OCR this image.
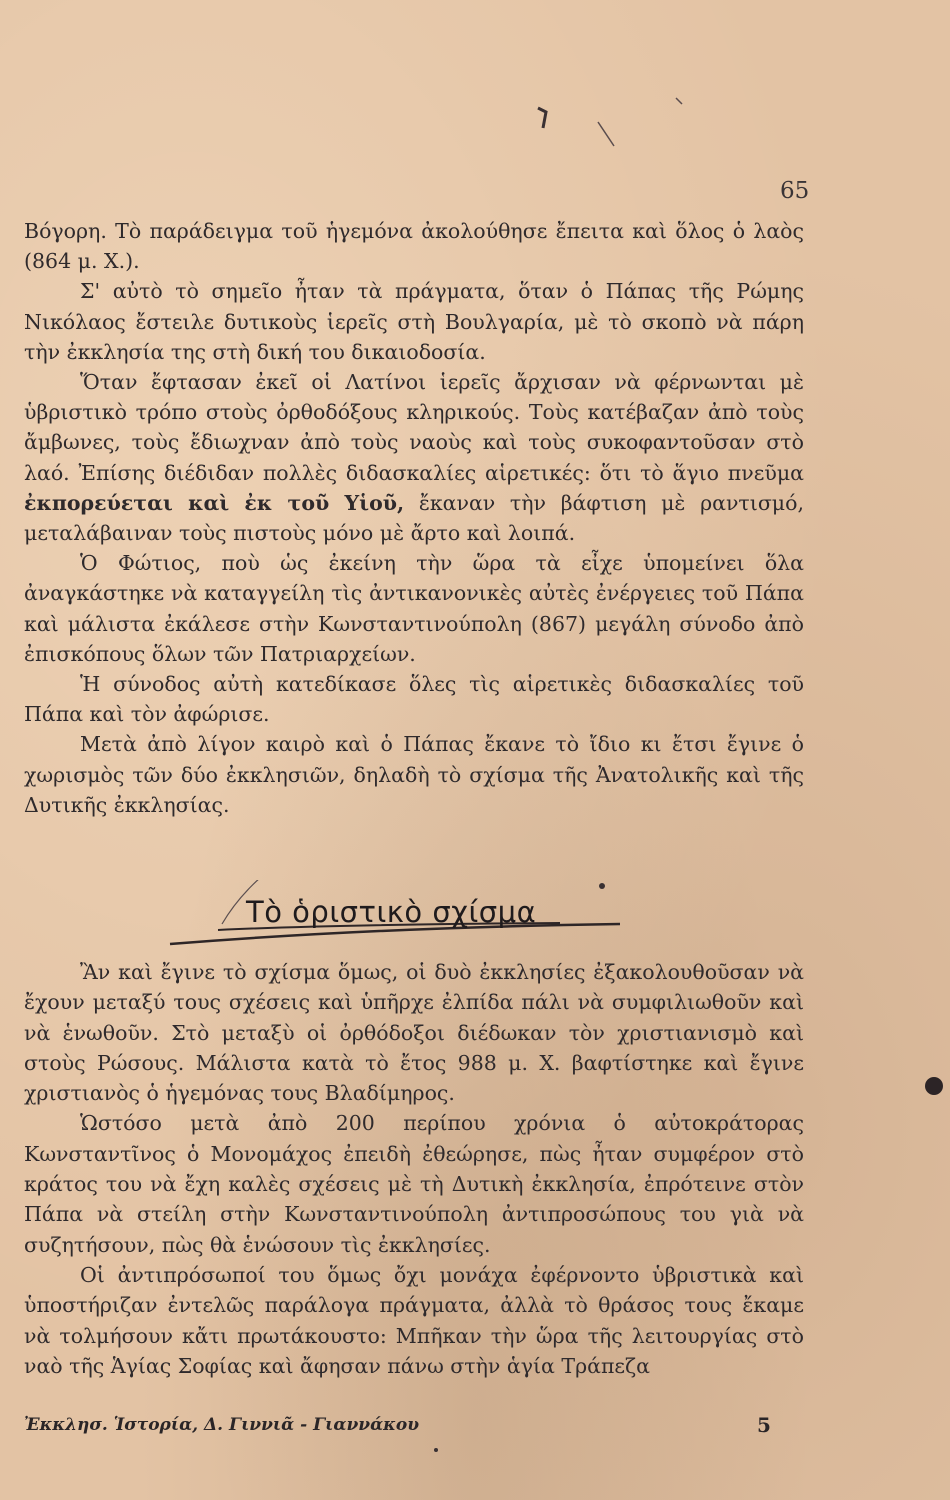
65

Βόγορη. Τὸ παράδειγμα τοῦ ἡγεμόνα ἀκολούθησε ἔπειτα καὶ ὅλος ὁ λαὸς (864 μ. Χ.).

Σ' αὐτὸ τὸ σημεῖο ἦταν τὰ πράγματα, ὅταν ὁ Πάπας τῆς Ρώμης Νικόλαος ἔστειλε δυτικοὺς ἱερεῖς στὴ Βουλγαρία, μὲ τὸ σκοπὸ νὰ πάρη τὴν ἐκκλησία της στὴ δική του δικαιοδοσία.

Ὅταν ἔφτασαν ἐκεῖ οἱ Λατίνοι ἱερεῖς ἄρχισαν νὰ φέρνωνται μὲ ὑβριστικὸ τρόπο στοὺς ὀρθοδόξους κληρικούς. Τοὺς κατέβαζαν ἀπὸ τοὺς ἄμβωνες, τοὺς ἔδιωχναν ἀπὸ τοὺς ναοὺς καὶ τοὺς συκοφαντοῦσαν στὸ λαό. Ἐπίσης διέδιδαν πολλὲς διδασκαλίες αἱρετικές: ὅτι τὸ ἅγιο πνεῦμα ἐκπορεύεται καὶ ἐκ τοῦ Υἱοῦ, ἔκαναν τὴν βάφτιση μὲ ραντισμό, μεταλάβαιναν τοὺς πιστοὺς μόνο μὲ ἄρτο καὶ λοιπά.

Ὁ Φώτιος, ποὺ ὡς ἐκείνη τὴν ὥρα τὰ εἶχε ὑπομείνει ὅλα ἀναγκάστηκε νὰ καταγγείλη τὶς ἀντικανονικὲς αὐτὲς ἐνέργειες τοῦ Πάπα καὶ μάλιστα ἐκάλεσε στὴν Κωνσταντινούπολη (867) μεγάλη σύνοδο ἀπὸ ἐπισκόπους ὅλων τῶν Πατριαρχείων.

Ἡ σύνοδος αὐτὴ κατεδίκασε ὅλες τὶς αἱρετικὲς διδασκαλίες τοῦ Πάπα καὶ τὸν ἀφώρισε.

Μετὰ ἀπὸ λίγον καιρὸ καὶ ὁ Πάπας ἔκανε τὸ ἴδιο κι ἔτσι ἔγινε ὁ χωρισμὸς τῶν δύο ἐκκλησιῶν, δηλαδὴ τὸ σχίσμα τῆς Ἀνατολικῆς καὶ τῆς Δυτικῆς ἐκκλησίας.

Τὸ ὁριστικὸ σχίσμα

Ἂν καὶ ἔγινε τὸ σχίσμα ὅμως, οἱ δυὸ ἐκκλησίες ἐξακολουθοῦσαν νὰ ἔχουν μεταξύ τους σχέσεις καὶ ὑπῆρχε ἐλπίδα πάλι νὰ συμφιλιωθοῦν καὶ νὰ ἑνωθοῦν. Στὸ μεταξὺ οἱ ὀρθόδοξοι διέδωκαν τὸν χριστιανισμὸ καὶ στοὺς Ρώσους. Μάλιστα κατὰ τὸ ἔτος 988 μ. Χ. βαφτίστηκε καὶ ἔγινε χριστιανὸς ὁ ἡγεμόνας τους Βλαδίμηρος.

Ὡστόσο μετὰ ἀπὸ 200 περίπου χρόνια ὁ αὐτοκράτορας Κωνσταντῖνος ὁ Μονομάχος ἐπειδὴ ἐθεώρησε, πὼς ἦταν συμφέρον στὸ κράτος του νὰ ἔχη καλὲς σχέσεις μὲ τὴ Δυτικὴ ἐκκλησία, ἐπρότεινε στὸν Πάπα νὰ στείλη στὴν Κωνσταντινούπολη ἀντιπροσώπους του γιὰ νὰ συζητήσουν, πὼς θὰ ἑνώσουν τὶς ἐκκλησίες.

Οἱ ἀντιπρόσωποί του ὅμως ὄχι μονάχα ἐφέρνοντο ὑβριστικὰ καὶ ὑποστήριζαν ἐντελῶς παράλογα πράγματα, ἀλλὰ τὸ θράσος τους ἔκαμε νὰ τολμήσουν κἄτι πρωτάκουστο: Μπῆκαν τὴν ὥρα τῆς λειτουργίας στὸ ναὸ τῆς Ἁγίας Σοφίας καὶ ἄφησαν πάνω στὴν ἁγία Τράπεζα

Ἐκκλησ. Ἱστορία, Δ. Γιννιᾶ - Γιαννάκου	5
